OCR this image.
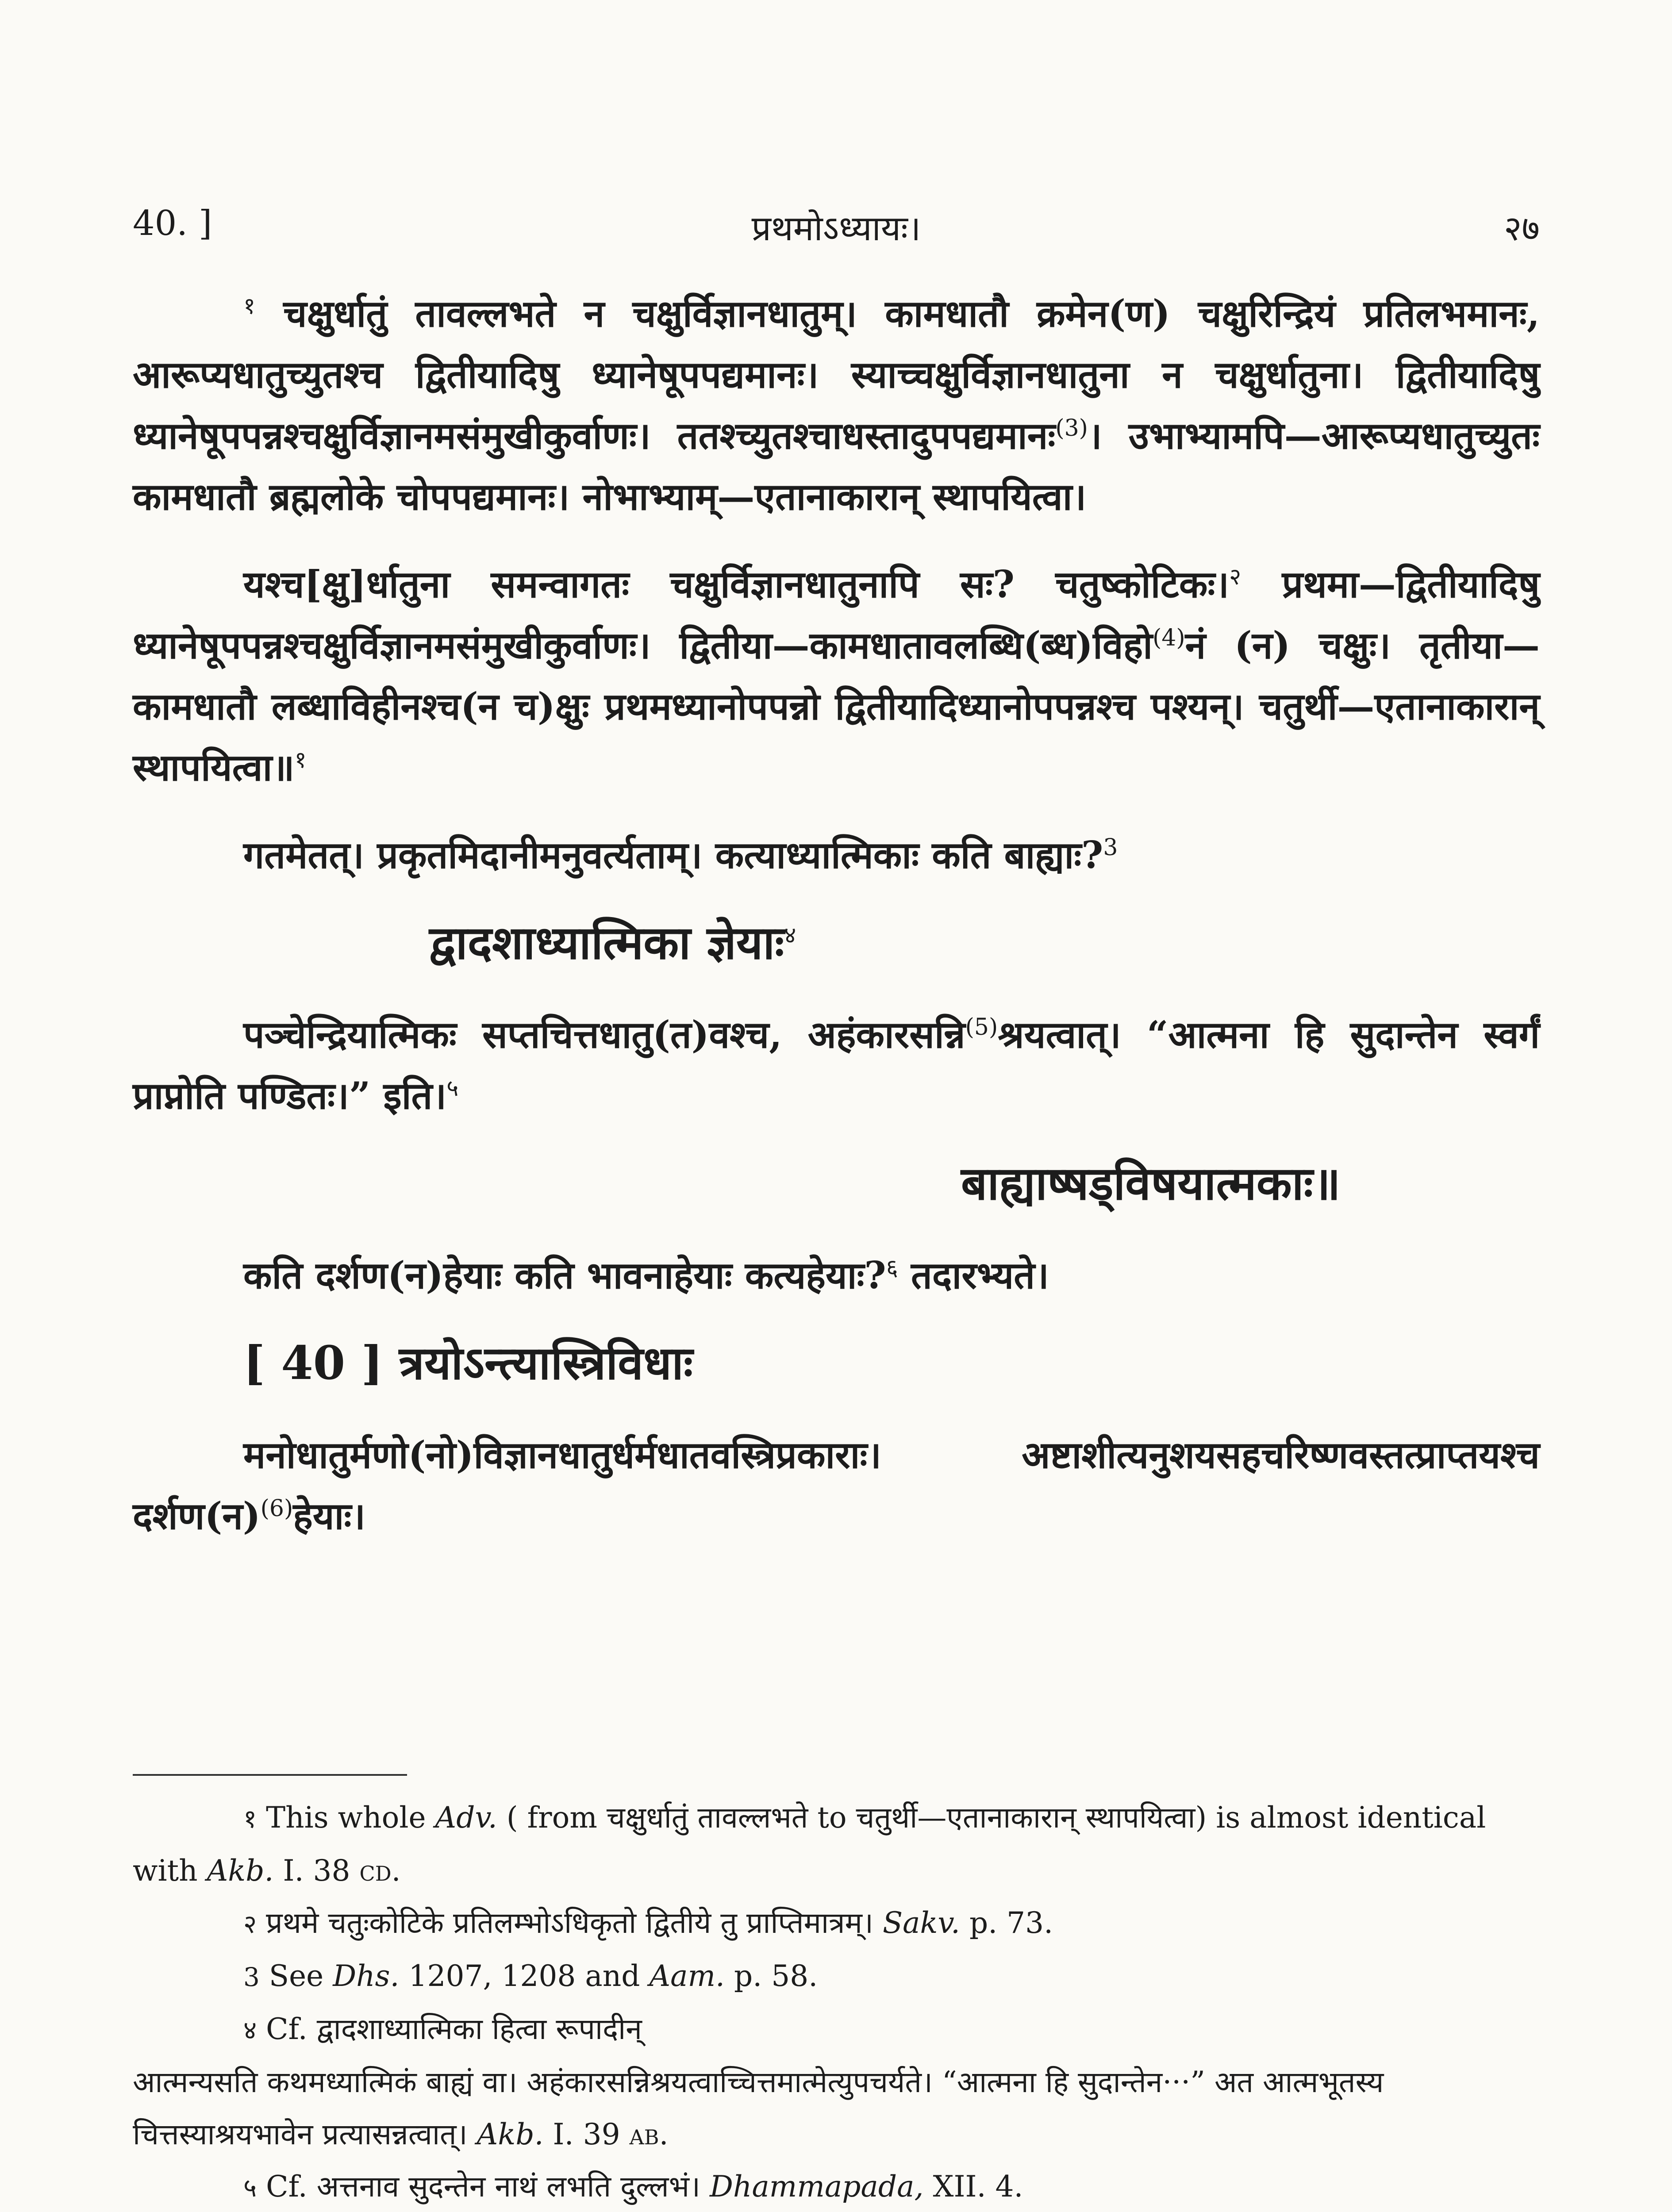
40. ]	प्रथमोऽध्यायः।	२७

$^१$ चक्षुर्धातुं तावल्लभते न चक्षुर्विज्ञानधातुम्। कामधातौ क्रमेन(ण) चक्षुरिन्द्रियं प्रतिलभमानः, आरूप्यधातुच्युतश्च द्वितीयादिषु ध्यानेषूपपद्यमानः। स्याच्चक्षुर्विज्ञानधातुना न चक्षुर्धातुना। द्वितीयादिषु ध्यानेषूपपन्नश्चक्षुर्विज्ञानमसंमुखीकुर्वाणः। ततश्च्युतश्चाधस्तादुपपद्यमानः$^{(3)}$। उभाभ्यामपि—आरूप्यधातुच्युतः कामधातौ ब्रह्मलोके चोपपद्यमानः। नोभाभ्याम्—एतानाकारान् स्थापयित्वा।

यश्च[क्षु]र्धातुना समन्वागतः चक्षुर्विज्ञानधातुनापि सः? चतुष्कोटिकः।$^२$ प्रथमा—द्वितीयादिषु ध्यानेषूपपन्नश्चक्षुर्विज्ञानमसंमुखीकुर्वाणः। द्वितीया—कामधातावलब्धि(ब्ध)विहो$^{(4)}$नं (न) चक्षुः। तृतीया—कामधातौ लब्धाविहीनश्च(न च)क्षुः प्रथमध्यानोपपन्नो द्वितीयादिध्यानोपपन्नश्च पश्यन्। चतुर्थी—एतानाकारान् स्थापयित्वा॥$^१$

गतमेतत्। प्रकृतमिदानीमनुवर्त्यताम्। कत्याध्यात्मिकाः कति बाह्याः?$^3$

द्वादशाध्यात्मिका ज्ञेयाः$^४$

पञ्चेन्द्रियात्मिकः सप्तचित्तधातु(त)वश्च, अहंकारसन्नि$^{(5)}$श्रयत्वात्। “आत्मना हि सुदान्तेन स्वर्गं प्राप्नोति पण्डितः।” इति।$^५$

बाह्याष्षड्विषयात्मकाः॥

कति दर्शण(न)हेयाः कति भावनाहेयाः कत्यहेयाः?$^६$ तदारभ्यते।

[ 40 ] त्रयोऽन्त्यास्त्रिविधाः

मनोधातुर्मणो(नो)विज्ञानधातुर्धर्मधातवस्त्रिप्रकाराः। अष्टाशीत्यनुशयसहचरिष्णवस्तत्प्राप्तयश्च दर्शण(न)$^{(6)}$हेयाः।

१ This whole Adv. ( from चक्षुर्धातुं तावल्लभते to चतुर्थी—एतानाकारान् स्थापयित्वा) is almost identical with Akb. I. 38 cd.

२ प्रथमे चतुःकोटिके प्रतिलम्भोऽधिकृतो द्वितीये तु प्राप्तिमात्रम्। Sakv. p. 73.

3 See Dhs. 1207, 1208 and Aam. p. 58.

४ Cf. द्वादशाध्यात्मिका हित्वा रूपादीन्

आत्मन्यसति कथमध्यात्मिकं बाह्यं वा। अहंकारसन्निश्रयत्वाच्चित्तमात्मेत्युपचर्यते। “आत्मना हि सुदान्तेन···” अत आत्मभूतस्य चित्तस्याश्रयभावेन प्रत्यासन्नत्वात्। Akb. I. 39 ab.

५ Cf. अत्तनाव सुदन्तेन नाथं लभति दुल्लभं। Dhammapada, XII. 4.
